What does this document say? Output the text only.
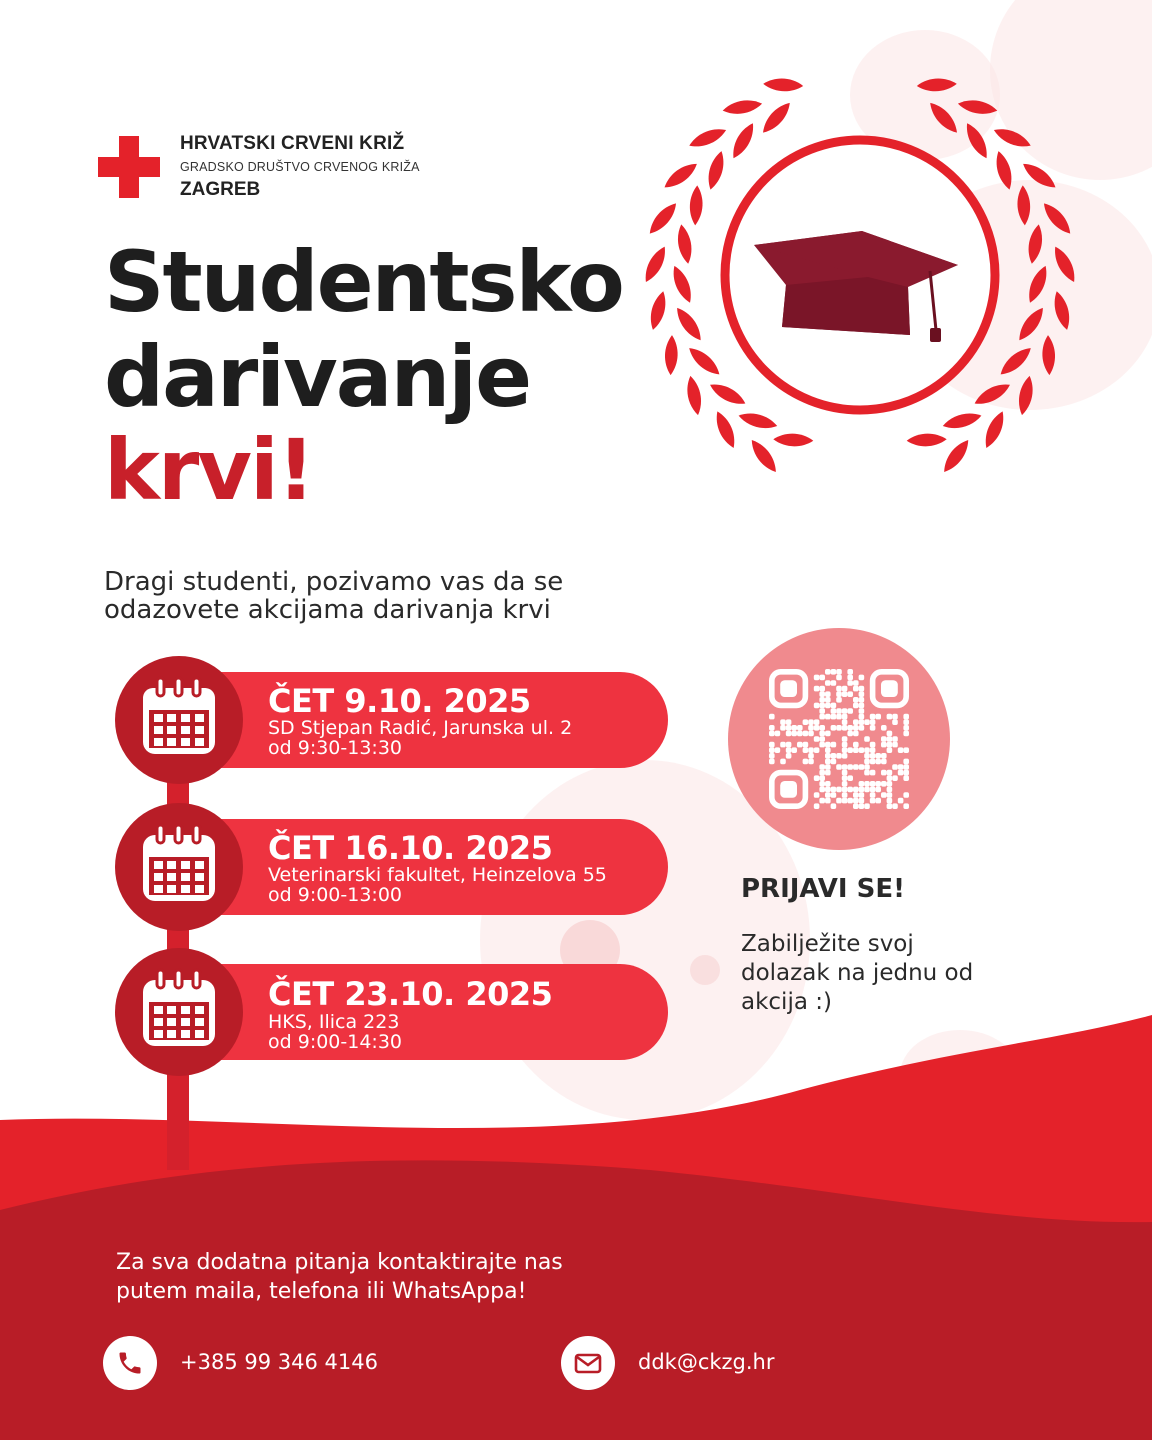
HRVATSKI CRVENI KRIŽ
GRADSKO DRUŠTVO CRVENOG KRIŽA
ZAGREB
Studentsko
darivanje
krvi!
Dragi studenti, pozivamo vas da se
odazovete akcijama darivanja krvi
ČET 9.10. 2025
SD Stjepan Radić, Jarunska ul. 2
od 9:30-13:30
ČET 16.10. 2025
Veterinarski fakultet, Heinzelova 55
od 9:00-13:00
ČET 23.10. 2025
HKS, Ilica 223
od 9:00-14:30
PRIJAVI SE!
Zabilježite svoj
dolazak na jednu od
akcija :)
Za sva dodatna pitanja kontaktirajte nas
putem maila, telefona ili WhatsAppa!
+385 99 346 4146	ddk@ckzg.hr
